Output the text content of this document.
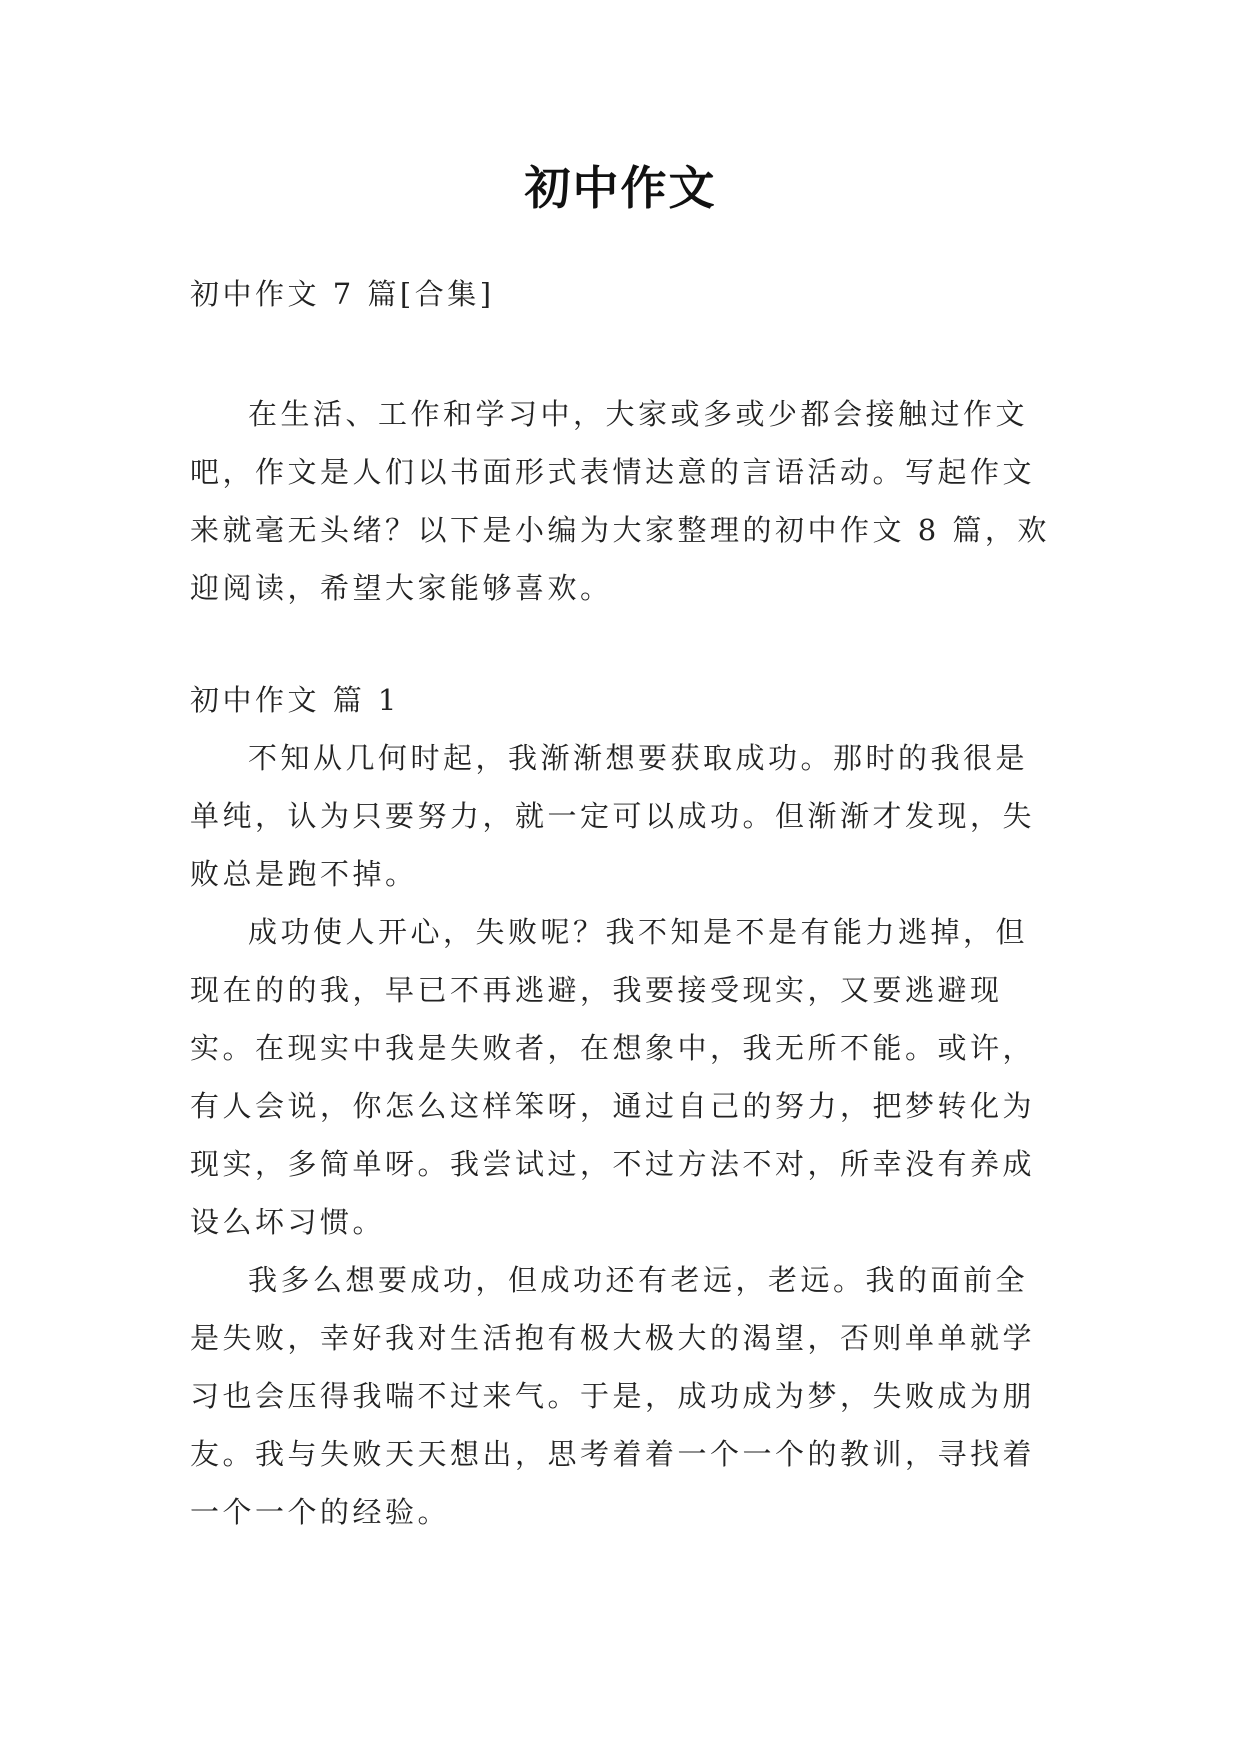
初中作文

初中作文 7 篇[合集]

在生活、工作和学习中，大家或多或少都会接触过作文吧，作文是人们以书面形式表情达意的言语活动。写起作文来就毫无头绪？以下是小编为大家整理的初中作文 8 篇，欢迎阅读，希望大家能够喜欢。

初中作文 篇 1

不知从几何时起，我渐渐想要获取成功。那时的我很是单纯，认为只要努力，就一定可以成功。但渐渐才发现，失败总是跑不掉。

成功使人开心，失败呢？我不知是不是有能力逃掉，但现在的的我，早已不再逃避，我要接受现实，又要逃避现实。在现实中我是失败者，在想象中，我无所不能。或许，有人会说，你怎么这样笨呀，通过自己的努力，把梦转化为现实，多简单呀。我尝试过，不过方法不对，所幸没有养成设么坏习惯。

我多么想要成功，但成功还有老远，老远。我的面前全是失败，幸好我对生活抱有极大极大的渴望，否则单单就学习也会压得我喘不过来气。于是，成功成为梦，失败成为朋友。我与失败天天想出，思考着着一个一个的教训，寻找着一个一个的经验。
